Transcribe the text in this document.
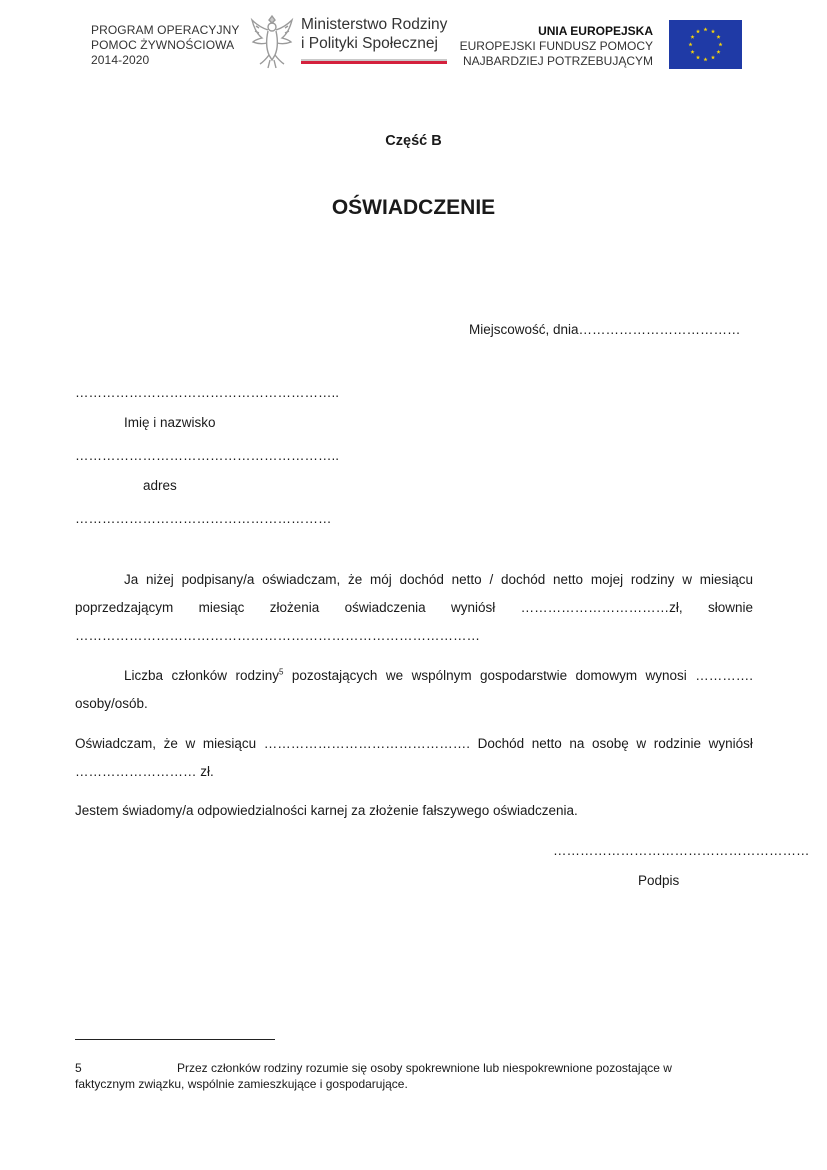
PROGRAM OPERACYJNY
POMOC ŻYWNOŚCIOWA
2014-2020
Ministerstwo Rodziny
i Polityki Społecznej
UNIA EUROPEJSKA
EUROPEJSKI FUNDUSZ POMOCY
NAJBARDZIEJ POTRZEBUJĄCYM
Część B
OŚWIADCZENIE
Miejscowość, dnia………………………………
…………………………………………………..
Imię i nazwisko
…………………………………………………..
adres
…………………………………………………
Ja niżej podpisany/a oświadczam, że mój dochód netto / dochód netto mojej rodziny w miesiącu
poprzedzającym miesiąc złożenia oświadczenia wyniósł ……………………………zł, słownie
………………………………………………………………………………
Liczba członków rodziny$^5$ pozostających we wspólnym gospodarstwie domowym wynosi ………….
osoby/osób.
Oświadczam, że w miesiącu ………………………………………. Dochód netto na osobę w rodzinie wyniósł
……………………… zł.
Jestem świadomy/a odpowiedzialności karnej za złożenie fałszywego oświadczenia.
…………………………………………………
Podpis
5	Przez członków rodziny rozumie się osoby spokrewnione lub niespokrewnione pozostające w
faktycznym związku, wspólnie zamieszkujące i gospodarujące.
